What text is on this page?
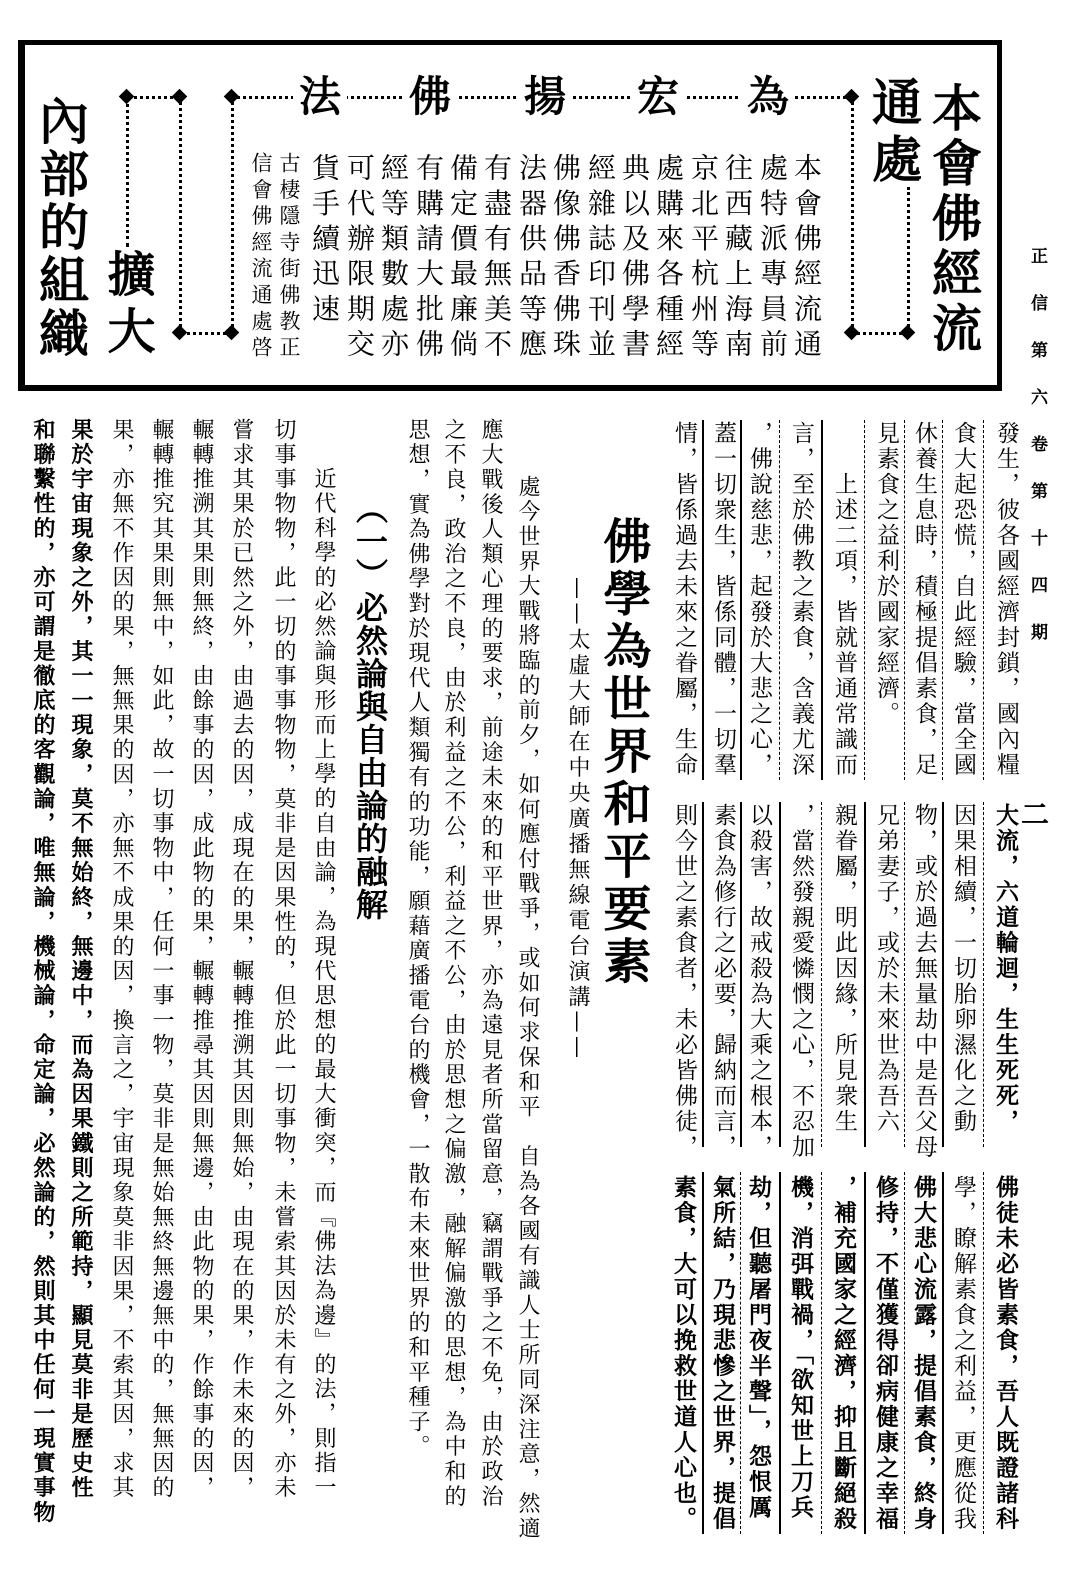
本會佛經流
通處
為
宏
揚
佛
法
擴大
內部的組織	本會佛經流通
處特派專員前
往西藏上海南
京北平杭州等
處購來各種經
典以及佛學書
經雜誌印刊並
佛像佛香佛珠
法器供品等應
有盡有無美不
備定價最廉倘
有購請大批佛
經等類數處亦
可代辦限期交
貨手續迅速
古棲隱寺街佛教正
信會佛經流通處啓	正信第六卷第十四期
二
發生，彼各國經濟封鎖，國內糧
食大起恐慌，自此經驗，當全國
休養生息時，積極提倡素食，足
見素食之益利於國家經濟。
上述二項，皆就普通常識而
言，至於佛教之素食，含義尤深
，佛說慈悲，起發於大悲之心，
蓋一切衆生，皆係同體，一切羣
情，皆係過去未來之眷屬，生命
大流，六道輪迴，生生死死，
因果相續，一切胎卵濕化之動
物，或於過去無量劫中是吾父母
兄弟妻子，或於未來世為吾六
親眷屬，明此因緣，所見衆生
，當然發親愛憐憫之心，不忍加
以殺害，故戒殺為大乘之根本，
素食為修行之必要，歸納而言，
則今世之素食者，未必皆佛徒，
佛徒未必皆素食，吾人既證諸科
學，瞭解素食之利益，更應從我
佛大悲心流露，提倡素食，終身
修持，不僅獲得卻病健康之幸福
，補充國家之經濟，抑且斷絕殺
機，消弭戰禍，「欲知世上刀兵
劫，但聽屠門夜半聲」，怨恨厲
氣所結，乃現悲慘之世界，提倡
素食，大可以挽救世道人心也。
佛學為世界和平要素
——太虛大師在中央廣播無線電台演講——
處今世界大戰將臨的前夕，如何應付戰爭，或如何求保和平　自為各國有識人士所同深注意，然適
應大戰後人類心理的要求，前途未來的和平世界，亦為遠見者所當留意，竊謂戰爭之不免，由於政治
之不良，政治之不良，由於利益之不公，利益之不公，由於思想之偏激，融解偏激的思想，為中和的
思想，實為佛學對於現代人類獨有的功能，願藉廣播電台的機會，一散布未來世界的和平種子。
（一）必然論與自由論的融解
近代科學的必然論與形而上學的自由論，為現代思想的最大衝突，而『佛法為邊』的法，則指一
切事事物物，此一切的事事物物，莫非是因果性的，但於此一切事物，未嘗索其因於未有之外，亦未
嘗求其果於已然之外，由過去的因，成現在的果，輾轉推溯其因則無始，由現在的果，作未來的因，
輾轉推溯其果則無終，由餘事的因，成此物的果，輾轉推尋其因則無邊，由此物的果，作餘事的因，
輾轉推究其果則無中，如此，故一切事物中，任何一事一物，莫非是無始無終無邊無中的，無無因的
果，亦無不作因的果，無無果的因，亦無不成果的因，換言之，宇宙現象莫非因果，不索其因，求其
果於宇宙現象之外，其一一現象，莫不無始終，無邊中，而為因果鐵則之所範持，顯見莫非是歷史性
和聯繫性的，亦可謂是徹底的客觀論，唯無論，機械論，命定論，必然論的，然則其中任何一現實事物
